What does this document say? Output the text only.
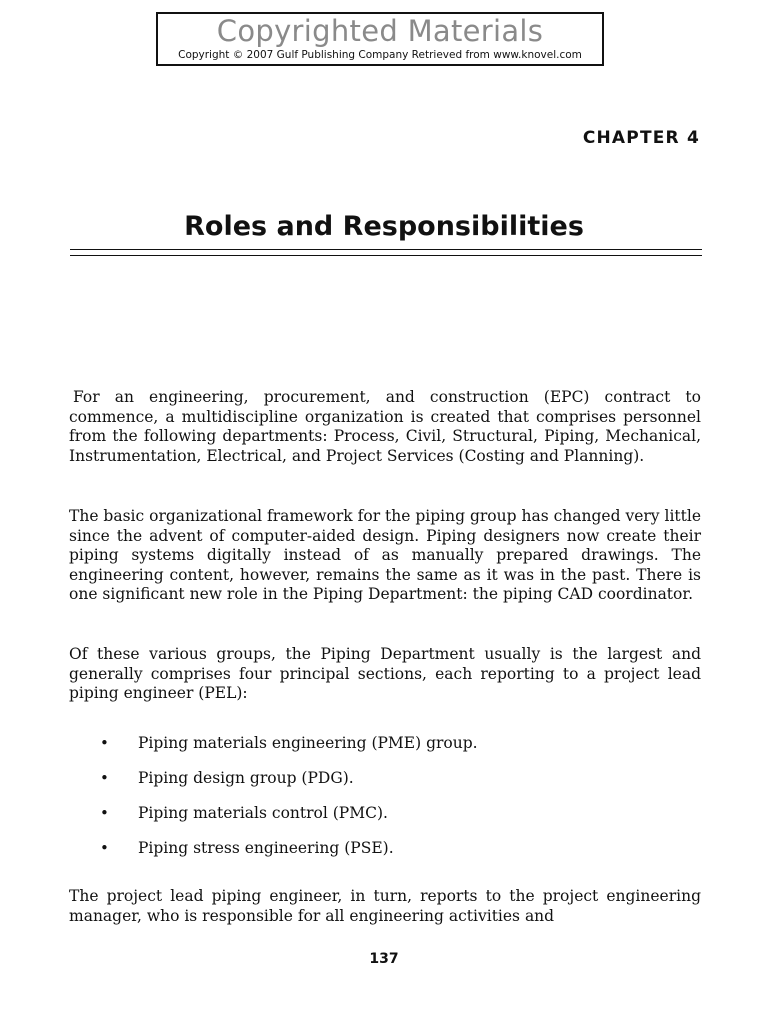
Copyrighted Materials
Copyright © 2007 Gulf Publishing Company Retrieved from www.knovel.com
CHAPTER 4
Roles and Responsibilities
For an engineering, procurement, and construction (EPC) contract to commence, a multidiscipline organization is created that comprises personnel from the following departments: Process, Civil, Structural, Piping, Mechanical, Instrumentation, Electrical, and Project Services (Costing and Planning).
The basic organizational framework for the piping group has changed very little since the advent of computer-aided design. Piping designers now create their piping systems digitally instead of as manually prepared drawings. The engineering content, however, remains the same as it was in the past. There is one significant new role in the Piping Department: the piping CAD coordinator.
Of these various groups, the Piping Department usually is the largest and generally comprises four principal sections, each reporting to a project lead piping engineer (PEL):
• Piping materials engineering (PME) group.
• Piping design group (PDG).
• Piping materials control (PMC).
• Piping stress engineering (PSE).
The project lead piping engineer, in turn, reports to the project engineering manager, who is responsible for all engineering activities and
137
